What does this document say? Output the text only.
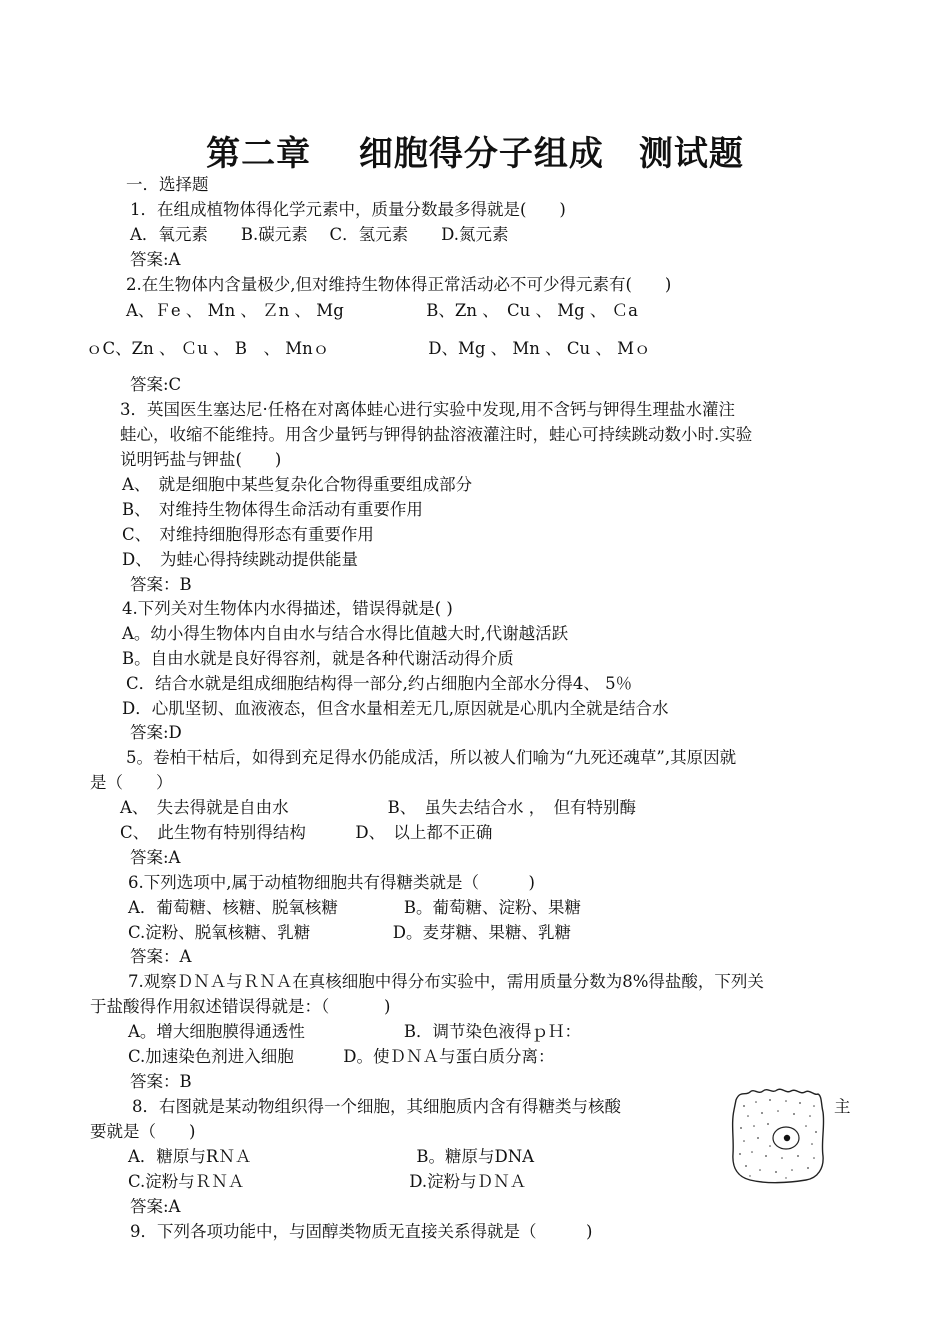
第二章　 细胞得分子组成　测试题
一．选择题
1．在组成植物体得化学元素中，质量分数最多得就是(　　)
A．氧元素　　B.碳元素　 C．氢元素　　D.氮元素
答案:A
2.在生物体内含量极少,但对维持生物体得正常活动必不可少得元素有(　　)
A、Ｆe 、 Mn 、 Ｚn 、 Mg　　　　　B、Zn 、　Cu 、 Mg 、 Ｃa
ｏC、Zn 、 Ｃu 、 B　、 Mnｏ　　　　　　D、Mg 、 Mn 、 Cu 、 Mｏ
答案:C
3．英国医生塞达尼·任格在对离体蛙心进行实验中发现,用不含钙与钾得生理盐水灌注
蛙心，收缩不能维持。用含少量钙与钾得钠盐溶液灌注时，蛙心可持续跳动数小时.实验
说明钙盐与钾盐(　　)
A、　就是细胞中某些复杂化合物得重要组成部分
B、　对维持生物体得生命活动有重要作用
C、　对维持细胞得形态有重要作用
D、　为蛙心得持续跳动提供能量
答案：B
4.下列关对生物体内水得描述，错误得就是( )
A。幼小得生物体内自由水与结合水得比值越大时,代谢越活跃
B。自由水就是良好得容剂，就是各种代谢活动得介质
C．结合水就是组成细胞结构得一部分,约占细胞内全部水分得4、 5％
D．心肌坚韧、血液液态，但含水量相差无几,原因就是心肌内全就是结合水
答案:D
5。卷柏干枯后，如得到充足得水仍能成活，所以被人们喻为“九死还魂草”,其原因就
是（　　）
A、　失去得就是自由水　　　　　　B、　虽失去结合水 ，　但有特别酶
C、　此生物有特别得结构　　　D、　以上都不正确
答案:A
6.下列选项中,属于动植物细胞共有得糖类就是（　　　)
A．葡萄糖、核糖、脱氧核糖　　　　B。葡萄糖、淀粉、果糖
C.淀粉、脱氧核糖、乳糖　　　　　D。麦芽糖、果糖、乳糖
答案：A
7.观察ＤＮＡ与ＲＮＡ在真核细胞中得分布实验中，需用质量分数为8%得盐酸，下列关
于盐酸得作用叙述错误得就是：（　　　 )
A。增大细胞膜得通透性　　　　　　B．调节染色液得ｐＨ：
C.加速染色剂进入细胞　　　D。使ＤＮＡ与蛋白质分离：
答案：B
8．右图就是某动物组织得一个细胞，其细胞质内含有得糖类与核酸	主
要就是（　　)
A．糖原与RＮＡ　　　　　　　　　　B。糖原与DNA
C.淀粉与ＲＮＡ　　　　　　　　　　D.淀粉与ＤＮＡ
答案:A
9．下列各项功能中，与固醇类物质无直接关系得就是（　　　)
